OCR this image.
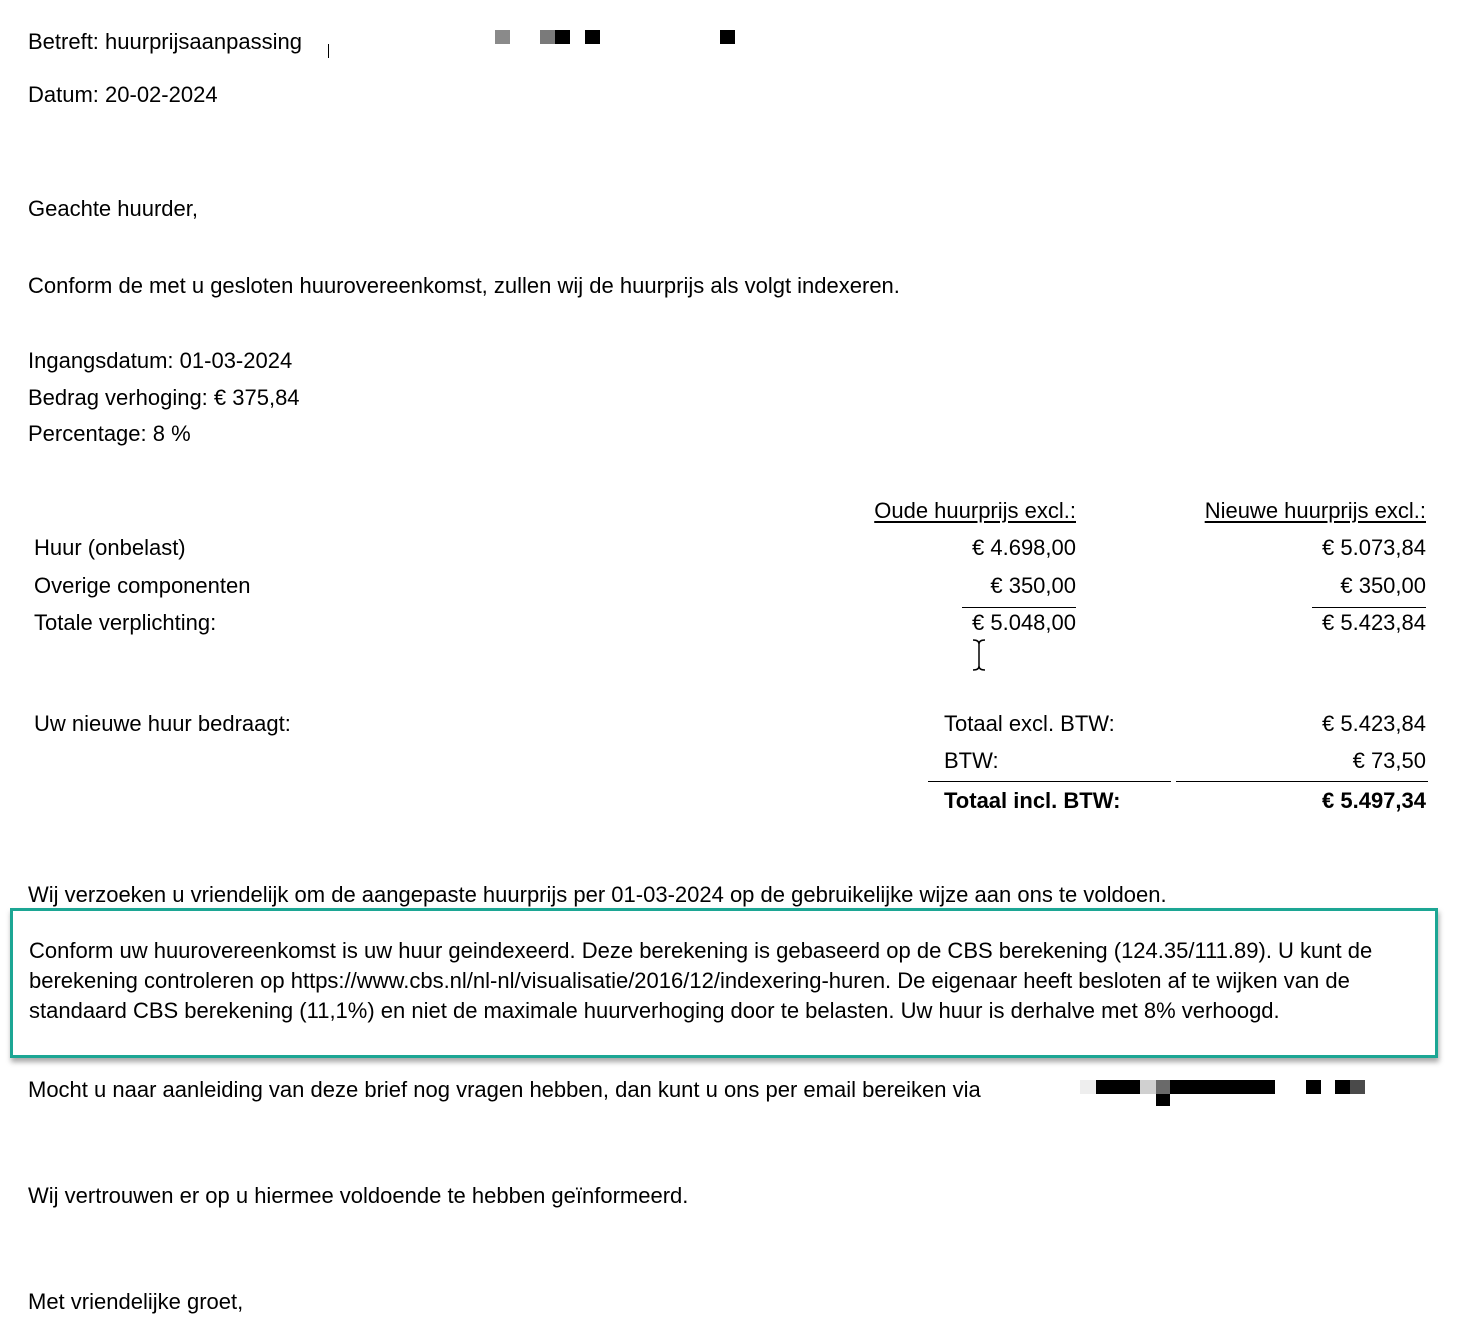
Betreft: huurprijsaanpassing
Datum: 20-02-2024
Geachte huurder,
Conform de met u gesloten huurovereenkomst, zullen wij de huurprijs als volgt indexeren.
Ingangsdatum: 01-03-2024
Bedrag verhoging: € 375,84
Percentage: 8 %
Oude huurprijs excl.:	Nieuwe huurprijs excl.:
Huur (onbelast)	€ 4.698,00	€ 5.073,84
Overige componenten	€ 350,00	€ 350,00
Totale verplichting:	€ 5.048,00	€ 5.423,84
Uw nieuwe huur bedraagt:	Totaal excl. BTW:	€ 5.423,84
BTW:	€ 73,50
Totaal incl. BTW:	€ 5.497,34
Wij verzoeken u vriendelijk om de aangepaste huurprijs per 01-03-2024 op de gebruikelijke wijze aan ons te voldoen.

Conform uw huurovereenkomst is uw huur geindexeerd. Deze berekening is gebaseerd op de CBS berekening (124.35/111.89). U kunt de berekening controleren op https://www.cbs.nl/nl-nl/visualisatie/2016/12/indexering-huren. De eigenaar heeft besloten af te wijken van de standaard CBS berekening (11,1%) en niet de maximale huurverhoging door te belasten. Uw huur is derhalve met 8% verhoogd.

Mocht u naar aanleiding van deze brief nog vragen hebben, dan kunt u ons per email bereiken via
Wij vertrouwen er op u hiermee voldoende te hebben geïnformeerd.
Met vriendelijke groet,
